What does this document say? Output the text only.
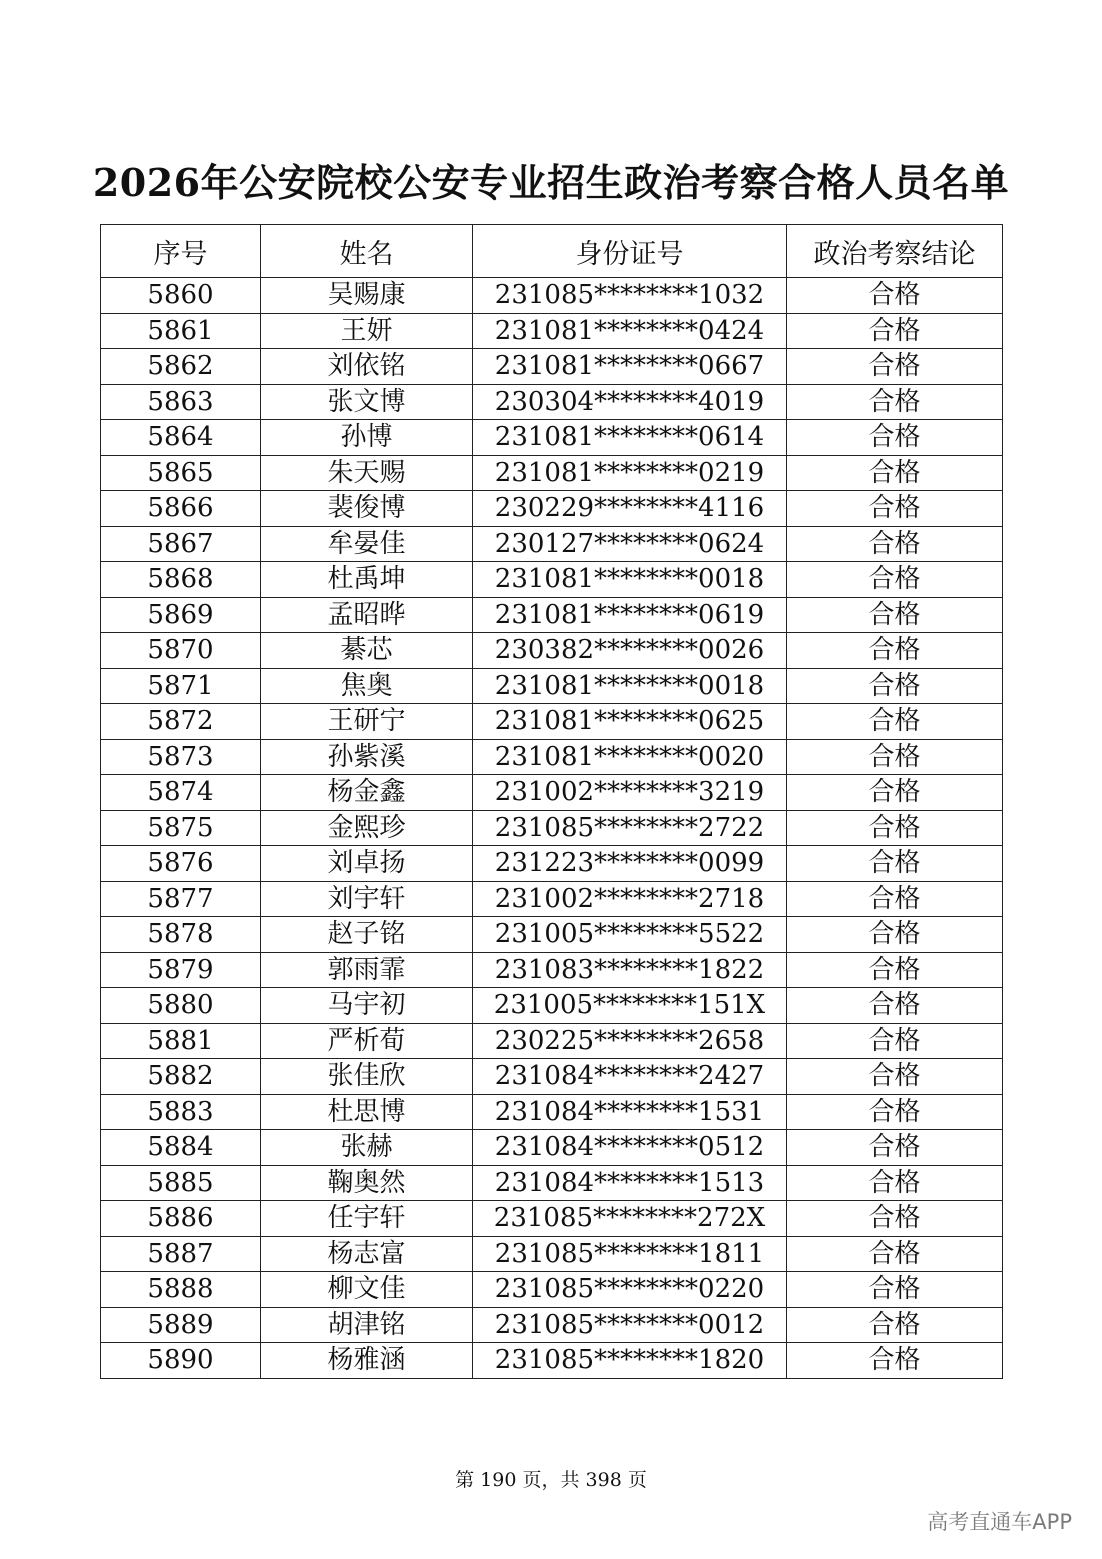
2026年公安院校公安专业招生政治考察合格人员名单
序号	姓名	身份证号	政治考察结论
5860	吴赐康	231085********1032	合格
5861	王妍	231081********0424	合格
5862	刘依铭	231081********0667	合格
5863	张文博	230304********4019	合格
5864	孙博	231081********0614	合格
5865	朱天赐	231081********0219	合格
5866	裴俊博	230229********4116	合格
5867	牟晏佳	230127********0624	合格
5868	杜禹坤	231081********0018	合格
5869	孟昭晔	231081********0619	合格
5870	綦芯	230382********0026	合格
5871	焦奥	231081********0018	合格
5872	王研宁	231081********0625	合格
5873	孙紫溪	231081********0020	合格
5874	杨金鑫	231002********3219	合格
5875	金熙珍	231085********2722	合格
5876	刘卓扬	231223********0099	合格
5877	刘宇轩	231002********2718	合格
5878	赵子铭	231005********5522	合格
5879	郭雨霏	231083********1822	合格
5880	马宇初	231005********151X	合格
5881	严析荀	230225********2658	合格
5882	张佳欣	231084********2427	合格
5883	杜思博	231084********1531	合格
5884	张赫	231084********0512	合格
5885	鞠奥然	231084********1513	合格
5886	任宇轩	231085********272X	合格
5887	杨志富	231085********1811	合格
5888	柳文佳	231085********0220	合格
5889	胡津铭	231085********0012	合格
5890	杨雅涵	231085********1820	合格
第 190 页，共 398 页
高考直通车APP
